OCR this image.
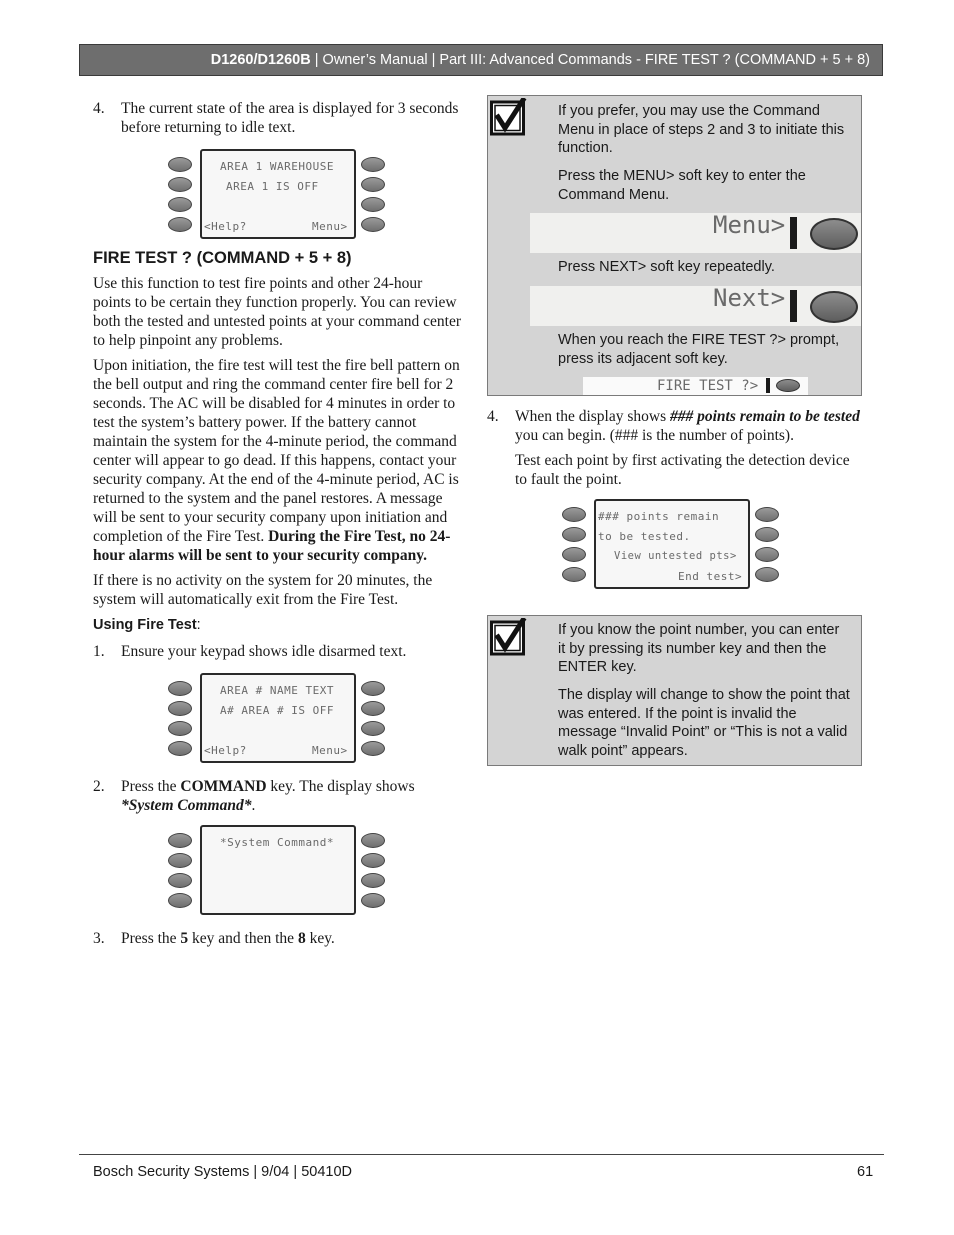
D1260/D1260B | Owner’s Manual | Part III: Advanced Commands - FIRE TEST ? (COMMAND + 5 + 8)
4. The current state of the area is displayed for 3 seconds before returning to idle text.
AREA 1 WAREHOUSE
AREA 1 IS OFF
<Help?	Menu>

FIRE TEST ? (COMMAND + 5 + 8)

Use this function to test fire points and other 24-hour points to be certain they function properly. You can review both the tested and untested points at your command center to help pinpoint any problems.

Upon initiation, the fire test will test the fire bell pattern on the bell output and ring the command center fire bell for 2 seconds. The AC will be disabled for 4 minutes in order to test the system’s battery power. If the battery cannot maintain the system for the 4-minute period, the command center will appear to go dead. If this happens, contact your security company. At the end of the 4-minute period, AC is returned to the system and the panel restores. A message will be sent to your security company upon initiation and completion of the Fire Test. During the Fire Test, no 24-hour alarms will be sent to your security company.

If there is no activity on the system for 20 minutes, the system will automatically exit from the Fire Test.

Using Fire Test:

1. Ensure your keypad shows idle disarmed text.
AREA # NAME TEXT
A# AREA # IS OFF
<Help?	Menu>
2. Press the COMMAND key. The display shows *System Command*.
*System Command*
3. Press the 5 key and then the 8 key.

If you prefer, you may use the Command Menu in place of steps 2 and 3 to initiate this function.

Press the MENU> soft key to enter the Command Menu.

Menu>

Press NEXT> soft key repeatedly.

Next>

When you reach the FIRE TEST ?> prompt, press its adjacent soft key.

FIRE TEST ?>
4. When the display shows ### points remain to be tested you can begin. (### is the number of points).

Test each point by first activating the detection device to fault the point.

### points remain
to be tested.
View untested pts>
End test>

If you know the point number, you can enter it by pressing its number key and then the ENTER key.

The display will change to show the point that was entered. If the point is invalid the message “Invalid Point” or “This is not a valid walk point” appears.

Bosch Security Systems | 9/04 | 50410D	61
